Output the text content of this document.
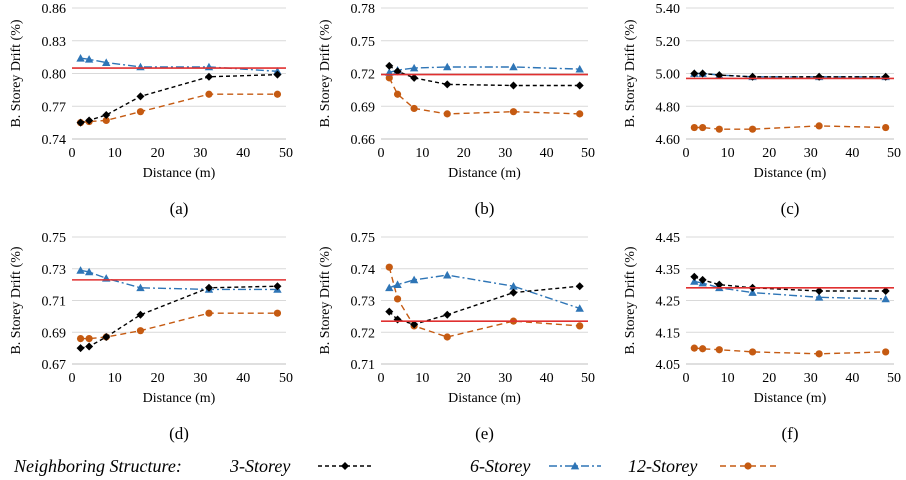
0.74
0.77
0.80
0.83
0.86
0 10 20 30 40 50
Distance (m)
B. Storey Drift (%)
(a)
0.66
0.69
0.72
0.75
0.78
0 10 20 30 40 50
Distance (m)
B. Storey Drift (%)
(b)
4.60
4.80
5.00
5.20
5.40
0 10 20 30 40 50
Distance (m)
B. Storey Drift (%)
(c)
0.67
0.69
0.71
0.73
0.75
0 10 20 30 40 50
Distance (m)
B. Storey Drift (%)
(d)
0.71
0.72
0.73
0.74
0.75
0 10 20 30 40 50
Distance (m)
B. Storey Drift (%)
(e)
4.05
4.15
4.25
4.35
4.45
0 10 20 30 40 50
Distance (m)
B. Storey Drift (%)
(f)
Neighboring Structure:	3-Storey	6-Storey	12-Storey
